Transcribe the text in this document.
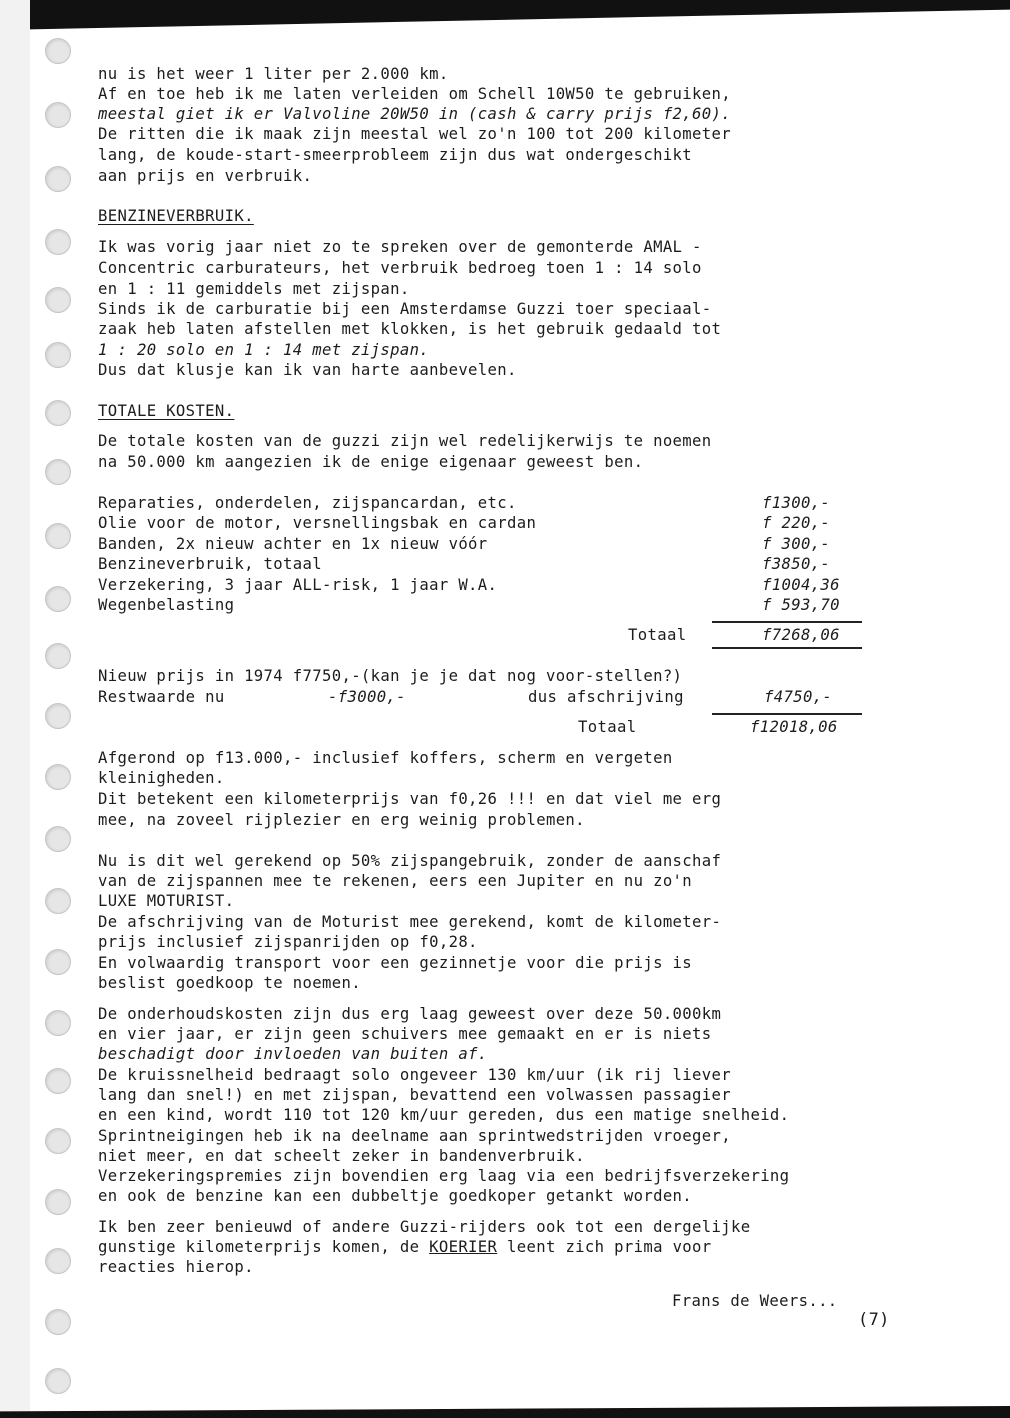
nu is het weer 1 liter per 2.000 km.
Af en toe heb ik me laten verleiden om Schell 10W50 te gebruiken,
meestal giet ik er Valvoline 20W50 in (cash & carry prijs f2,60).
De ritten die ik maak zijn meestal wel zo'n 100 tot 200 kilometer
lang, de koude-start-smeerprobleem zijn dus wat ondergeschikt
aan prijs en verbruik.
BENZINEVERBRUIK.
Ik was vorig jaar niet zo te spreken over de gemonterde AMAL -
Concentric carburateurs, het verbruik bedroeg toen 1 : 14 solo
en 1 : 11 gemiddels met zijspan.
Sinds ik de carburatie bij een Amsterdamse Guzzi toer speciaal-
zaak heb laten afstellen met klokken, is het gebruik gedaald tot
1 : 20 solo en 1 : 14 met zijspan.
Dus dat klusje kan ik van harte aanbevelen.
TOTALE KOSTEN.
De totale kosten van de guzzi zijn wel redelijkerwijs te noemen
na 50.000 km aangezien ik de enige eigenaar geweest ben.
Reparaties, onderdelen, zijspancardan, etc.	f1300,-
Olie voor de motor, versnellingsbak en cardan	f 220,-
Banden, 2x nieuw achter en 1x nieuw vóór	f 300,-
Benzineverbruik, totaal	f3850,-
Verzekering, 3 jaar ALL-risk, 1 jaar W.A.	f1004,36
Wegenbelasting	f 593,70
Totaal	f7268,06
Nieuw prijs in 1974 f7750,-(kan je je dat nog voor-stellen?)
Restwaarde nu	-f3000,-	dus afschrijving	f4750,-
Totaal	f12018,06
Afgerond op f13.000,- inclusief koffers, scherm en vergeten
kleinigheden.
Dit betekent een kilometerprijs van f0,26 !!! en dat viel me erg
mee, na zoveel rijplezier en erg weinig problemen.
Nu is dit wel gerekend op 50% zijspangebruik, zonder de aanschaf
van de zijspannen mee te rekenen, eers een Jupiter en nu zo'n
LUXE MOTURIST.
De afschrijving van de Moturist mee gerekend, komt de kilometer-
prijs inclusief zijspanrijden op f0,28.
En volwaardig transport voor een gezinnetje voor die prijs is
beslist goedkoop te noemen.
De onderhoudskosten zijn dus erg laag geweest over deze 50.000km
en vier jaar, er zijn geen schuivers mee gemaakt en er is niets
beschadigt door invloeden van buiten af.
De kruissnelheid bedraagt solo ongeveer 130 km/uur (ik rij liever
lang dan snel!) en met zijspan, bevattend een volwassen passagier
en een kind, wordt 110 tot 120 km/uur gereden, dus een matige snelheid.
Sprintneigingen heb ik na deelname aan sprintwedstrijden vroeger,
niet meer, en dat scheelt zeker in bandenverbruik.
Verzekeringspremies zijn bovendien erg laag via een bedrijfsverzekering
en ook de benzine kan een dubbeltje goedkoper getankt worden.
Ik ben zeer benieuwd of andere Guzzi-rijders ook tot een dergelijke
gunstige kilometerprijs komen, de KOERIER leent zich prima voor
reacties hierop.
Frans de Weers...
(7)
